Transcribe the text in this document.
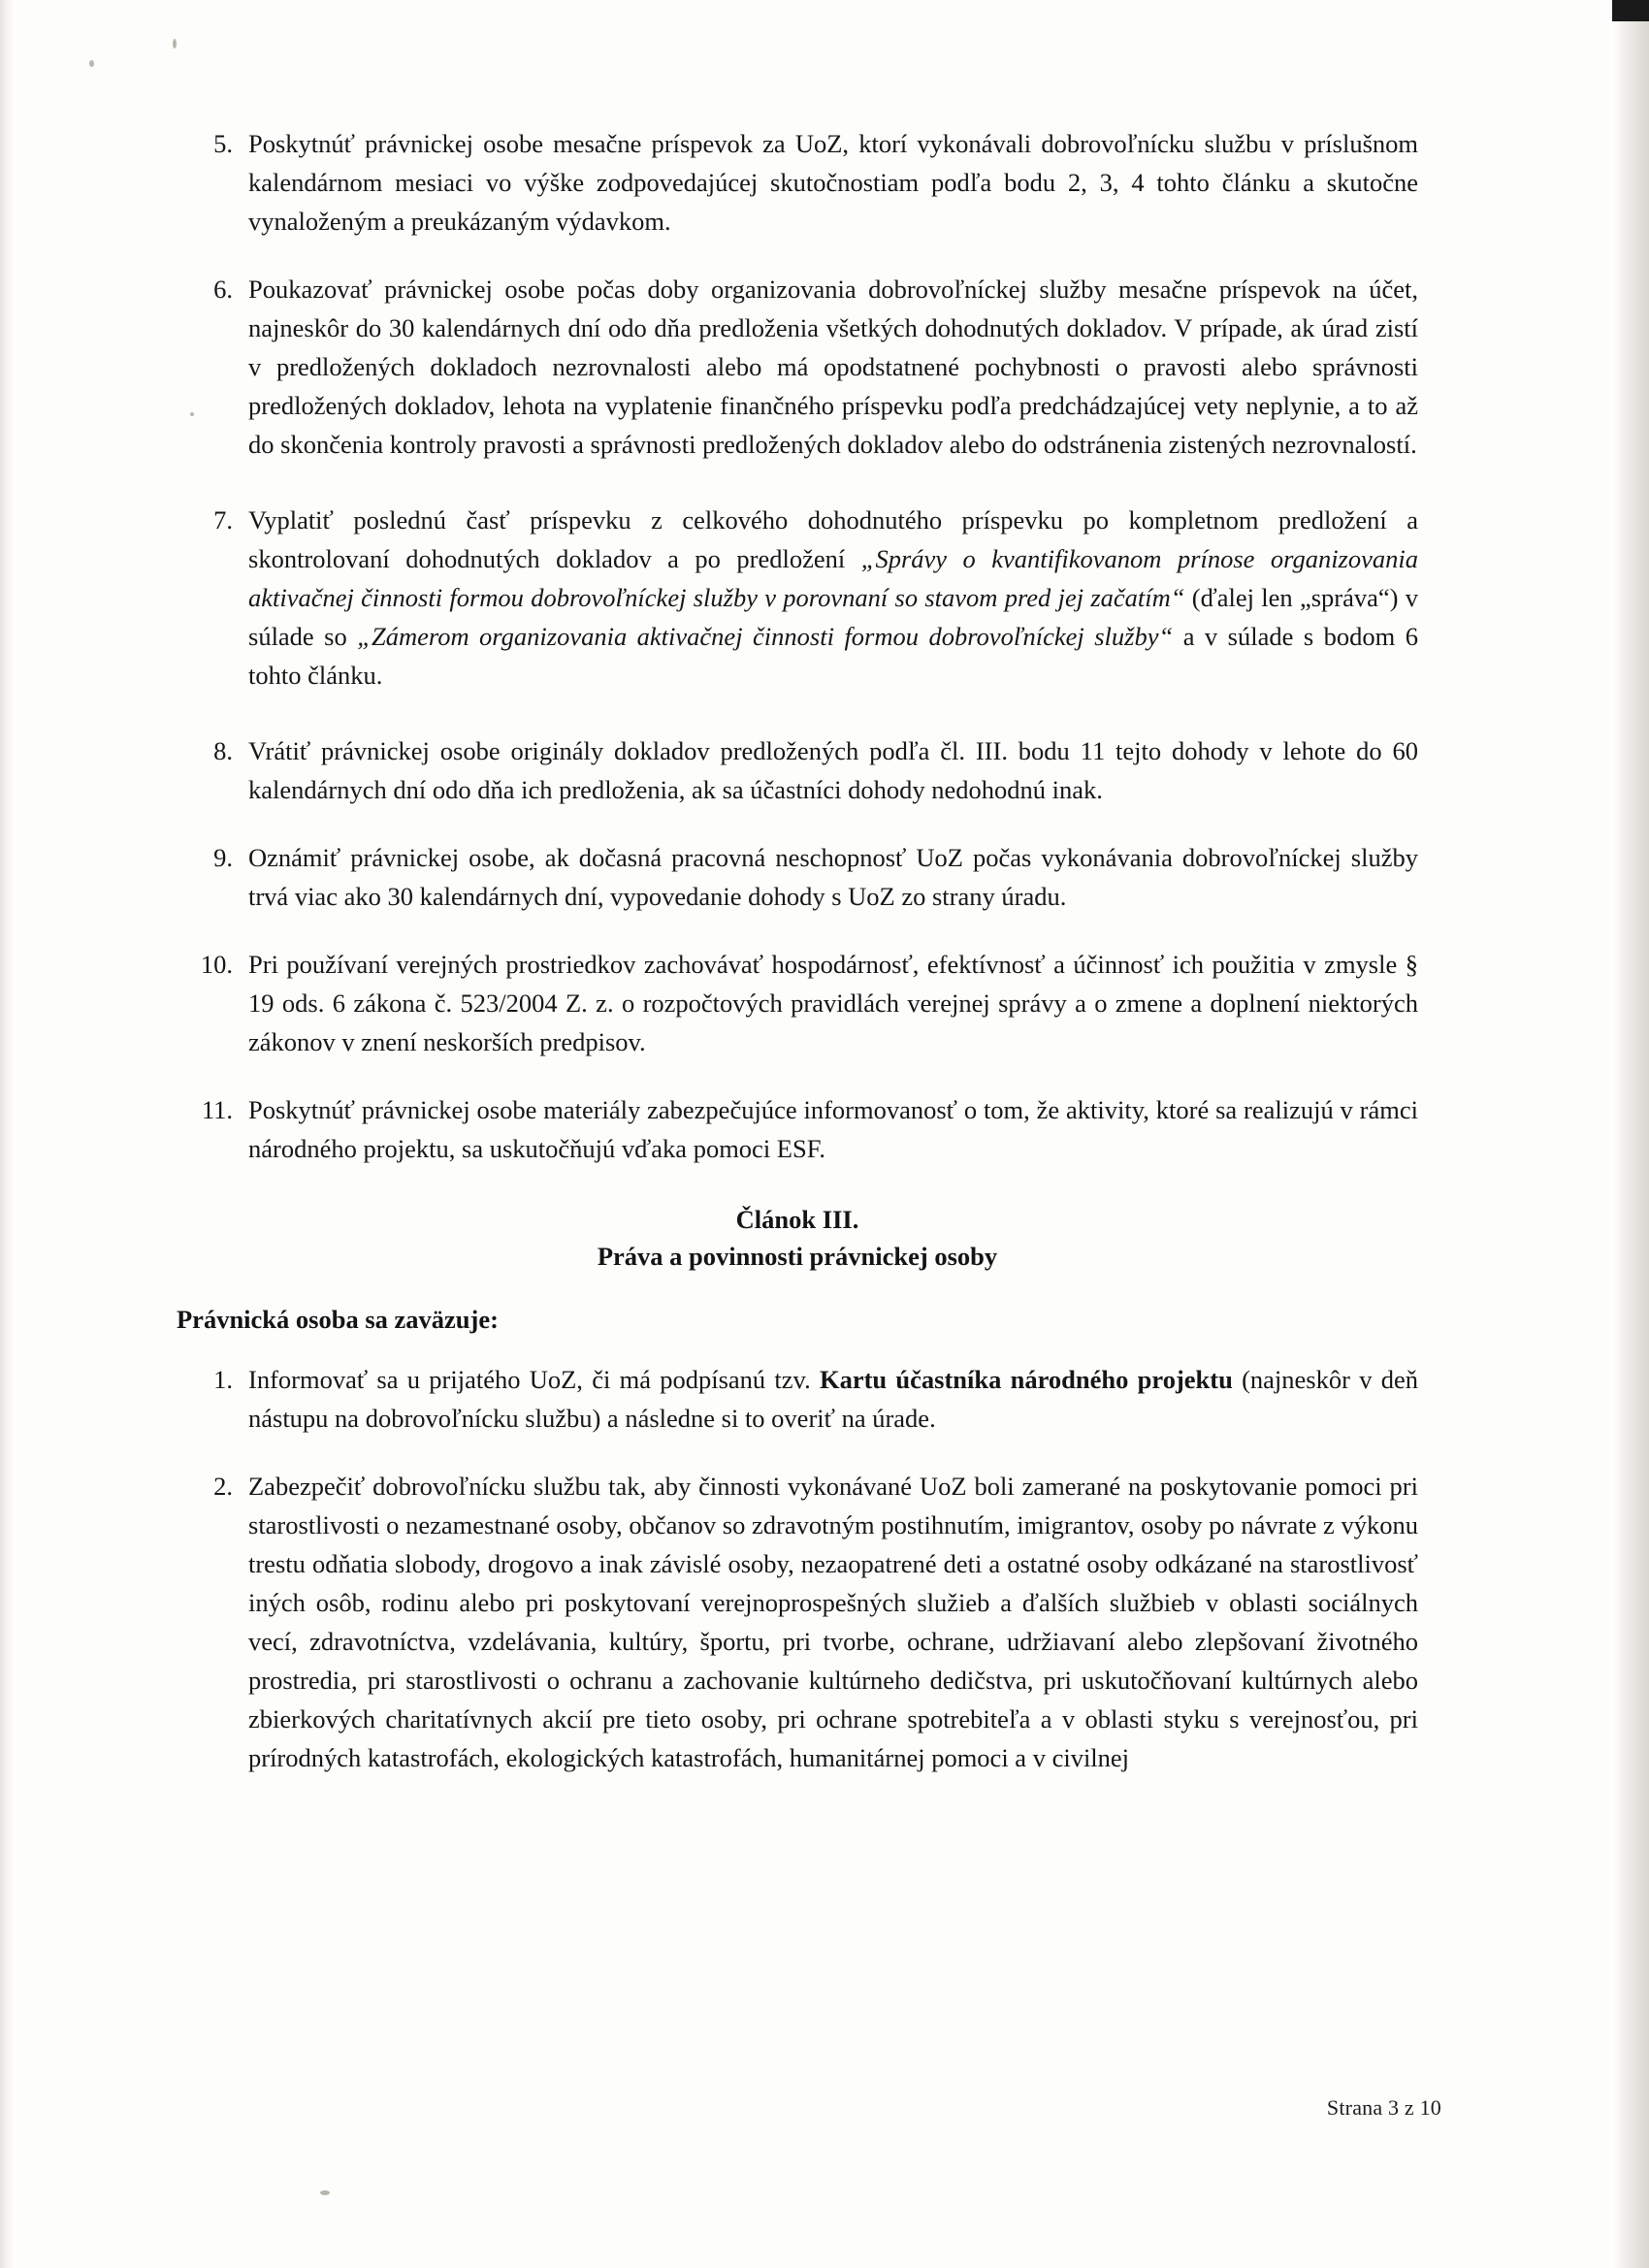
5. Poskytnúť právnickej osobe mesačne príspevok za UoZ, ktorí vykonávali dobrovoľnícku službu v príslušnom kalendárnom mesiaci vo výške zodpovedajúcej skutočnostiam podľa bodu 2, 3, 4 tohto článku a skutočne vynaloženým a preukázaným výdavkom.
6. Poukazovať právnickej osobe počas doby organizovania dobrovoľníckej služby mesačne príspevok na účet, najneskôr do 30 kalendárnych dní odo dňa predloženia všetkých dohodnutých dokladov. V prípade, ak úrad zistí v predložených dokladoch nezrovnalosti alebo má opodstatnené pochybnosti o pravosti alebo správnosti predložených dokladov, lehota na vyplatenie finančného príspevku podľa predchádzajúcej vety neplynie, a to až do skončenia kontroly pravosti a správnosti predložených dokladov alebo do odstránenia zistených nezrovnalostí.
7. Vyplatiť poslednú časť príspevku z celkového dohodnutého príspevku po kompletnom predložení a skontrolovaní dohodnutých dokladov a po predložení „Správy o kvantifikovanom prínose organizovania aktivačnej činnosti formou dobrovoľníckej služby v porovnaní so stavom pred jej začatím“ (ďalej len „správa“) v súlade so „Zámerom organizovania aktivačnej činnosti formou dobrovoľníckej služby“ a v súlade s bodom 6 tohto článku.
8. Vrátiť právnickej osobe originály dokladov predložených podľa čl. III. bodu 11 tejto dohody v lehote do 60 kalendárnych dní odo dňa ich predloženia, ak sa účastníci dohody nedohodnú inak.
9. Oznámiť právnickej osobe, ak dočasná pracovná neschopnosť UoZ počas vykonávania dobrovoľníckej služby trvá viac ako 30 kalendárnych dní, vypovedanie dohody s UoZ zo strany úradu.
10. Pri používaní verejných prostriedkov zachovávať hospodárnosť, efektívnosť a účinnosť ich použitia v zmysle § 19 ods. 6 zákona č. 523/2004 Z. z. o rozpočtových pravidlách verejnej správy a o zmene a doplnení niektorých zákonov v znení neskorších predpisov.
11. Poskytnúť právnickej osobe materiály zabezpečujúce informovanosť o tom, že aktivity, ktoré sa realizujú v rámci národného projektu, sa uskutočňujú vďaka pomoci ESF.
Článok III.
Práva a povinnosti právnickej osoby
Právnická osoba sa zaväzuje:
1. Informovať sa u prijatého UoZ, či má podpísanú tzv. Kartu účastníka národného projektu (najneskôr v deň nástupu na dobrovoľnícku službu) a následne si to overiť na úrade.
2. Zabezpečiť dobrovoľnícku službu tak, aby činnosti vykonávané UoZ boli zamerané na poskytovanie pomoci pri starostlivosti o nezamestnané osoby, občanov so zdravotným postihnutím, imigrantov, osoby po návrate z výkonu trestu odňatia slobody, drogovo a inak závislé osoby, nezaopatrené deti a ostatné osoby odkázané na starostlivosť iných osôb, rodinu alebo pri poskytovaní verejnoprospešných služieb a ďalších službieb v oblasti sociálnych vecí, zdravotníctva, vzdelávania, kultúry, športu, pri tvorbe, ochrane, udržiavaní alebo zlepšovaní životného prostredia, pri starostlivosti o ochranu a zachovanie kultúrneho dedičstva, pri uskutočňovaní kultúrnych alebo zbierkových charitatívnych akcií pre tieto osoby, pri ochrane spotrebiteľa a v oblasti styku s verejnosťou, pri prírodných katastrofách, ekologických katastrofách, humanitárnej pomoci a v civilnej
Strana 3 z 10
